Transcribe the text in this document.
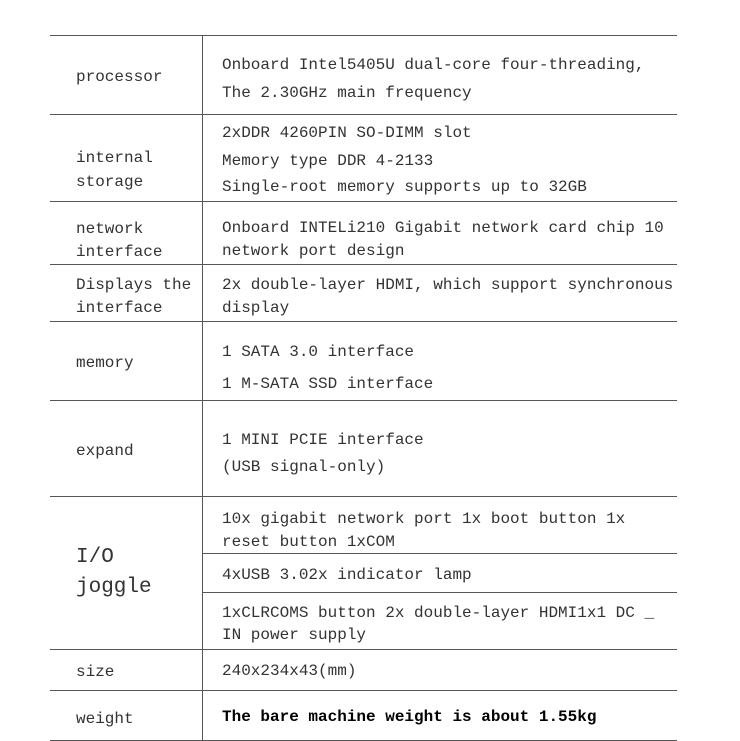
processor
Onboard Intel5405U dual-core four-threading,
The 2.30GHz main frequency
internal
storage
2xDDR 4260PIN SO-DIMM slot
Memory type DDR 4-2133
Single-root memory supports up to 32GB
network
interface
Onboard INTELi210 Gigabit network card chip 10
network port design
Displays the
interface
2x double-layer HDMI, which support synchronous
display
memory
1 SATA 3.0 interface
1 M-SATA SSD interface
expand
1 MINI PCIE interface
(USB signal-only)
I/O
joggle
10x gigabit network port 1x boot button 1x
reset button 1xCOM
4xUSB 3.02x indicator lamp
1xCLRCOMS button 2x double-layer HDMI1x1 DC _
IN power supply
size	240x234x43(mm)
weight	The bare machine weight is about 1.55kg
